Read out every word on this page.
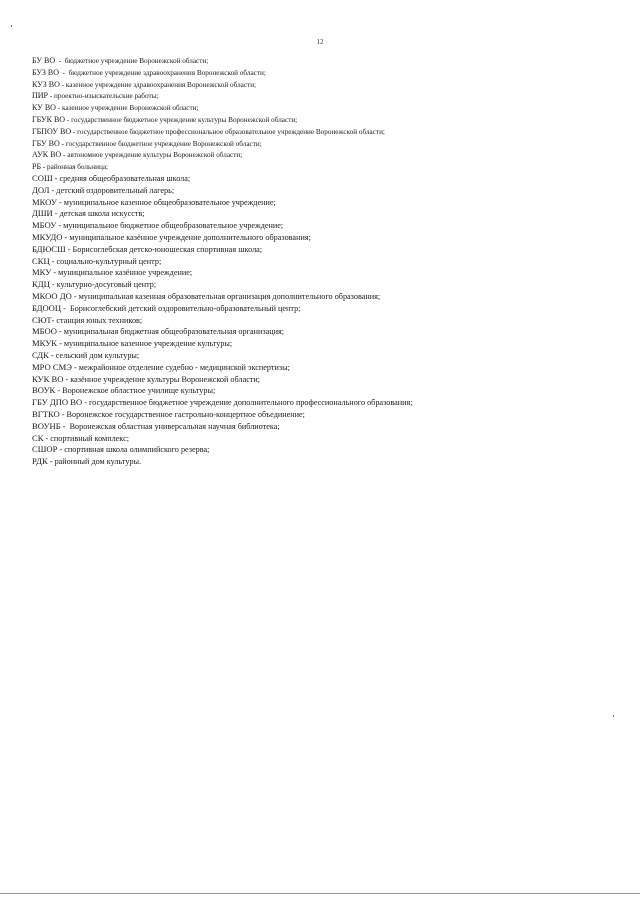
12
БУ ВО  -  бюджетное учреждение Воронежской области;
БУЗ ВО  -  бюджетное учреждение здравоохранения Воронежской области;
КУЗ ВО - казенное учреждение здравоохранения Воронежской области;
ПИР - проектно-изыскательские работы;
КУ ВО - казенное учреждение Воронежской области;
ГБУК ВО - государственное бюджетное учреждение культуры Воронежской области;
ГБПОУ ВО - государственное бюджетное профессиональное образовательное учреждение Воронежской области;
ГБУ ВО - государственное бюджетное учреждение Воронежской области;
АУК ВО - автономное учреждение культуры Воронежской области;
РБ - районная больница;
СОШ - средняя общеобразовательная школа;
ДОЛ - детский оздоровительный лагерь;
МКОУ - муниципальное казенное общеобразовательное учреждение;
ДШИ - детская школа искусств;
МБОУ - муниципальное бюджетное общеобразовательное учреждение;
МКУДО - муниципальное казённое учреждение дополнительного образования;
БДЮСШ - Борисоглебская детско-юношеская спортивная школа;
СКЦ - социально-культурный центр;
МКУ - муниципальное казённое учреждение;
КДЦ - культурно-досуговый центр;
МКОО ДО - муниципальная казенная образовательная организация дополнительного образования;
БДООЦ -  Борисоглебский детский оздоровительно-образовательный центр;
СЮТ- станция юных техников;
МБОО - муниципальная бюджетная общеобразовательная организация;
МКУК - муниципальное казенное учреждение культуры;
СДК - сельский дом культуры;
МРО СМЭ - межрайонное отделение судебно - медицинской экспертизы;
КУК ВО - казённое учреждение культуры Воронежской области;
ВОУК - Воронежское областное училище культуры;
ГБУ ДПО ВО - государственное бюджетное учреждение дополнительного профессионального образования;
ВГТКО - Воронежское государственное гастрольно-концертное объединение;
ВОУНБ -  Воронежская областная универсальная научная библиотека;
СК - спортивный комплекс;
СШОР - спортивная школа олимпийского резерва;
РДК - районный дом культуры.
